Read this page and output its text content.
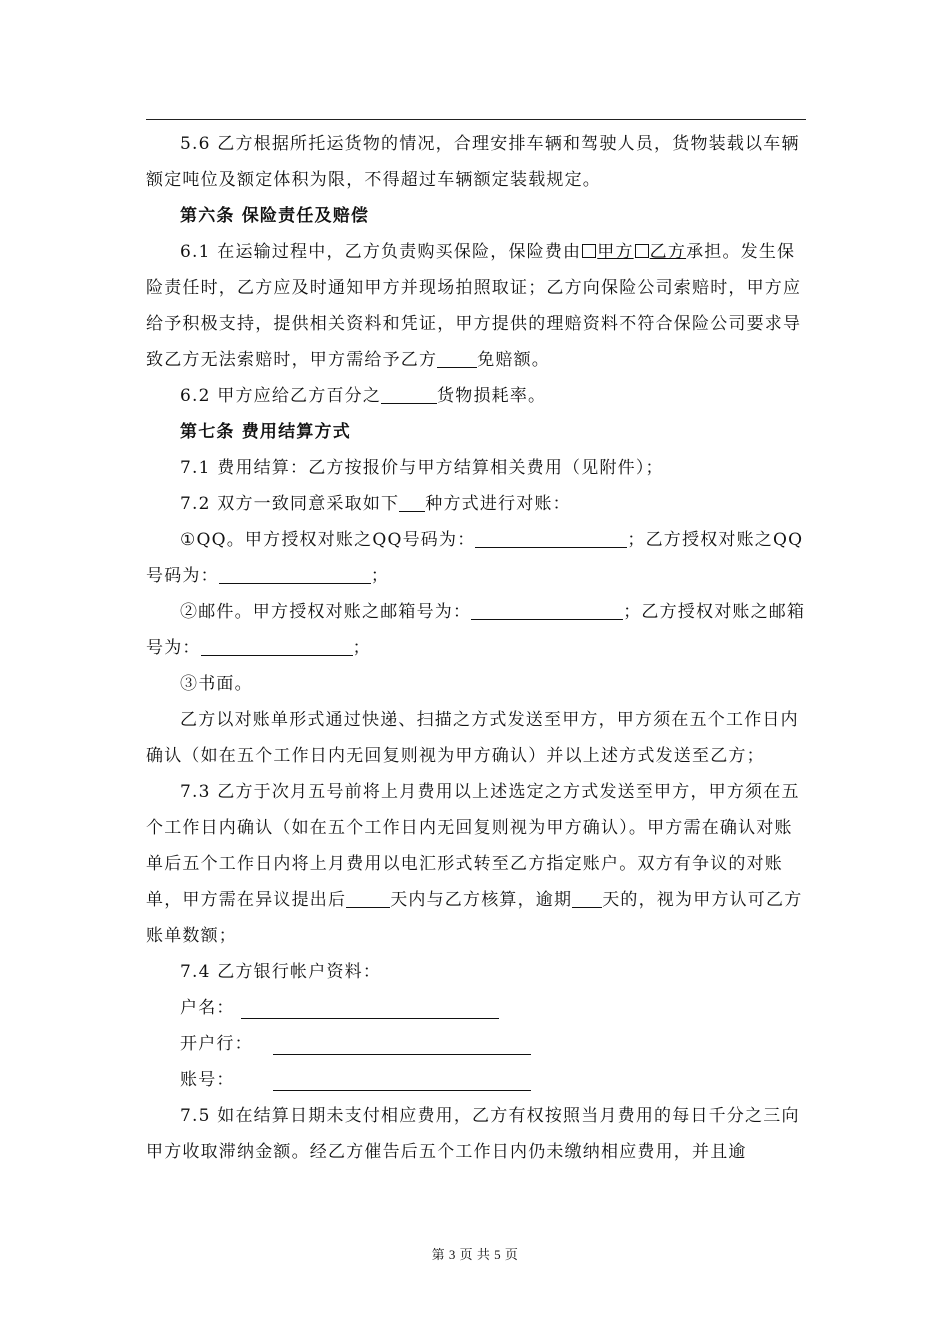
5.6 乙方根据所托运货物的情况，合理安排车辆和驾驶人员，货物装载以车辆额定吨位及额定体积为限，不得超过车辆额定装载规定。

第六条 保险责任及赔偿

6.1 在运输过程中，乙方负责购买保险，保险费由 甲方 乙方承担。发生保险责任时，乙方应及时通知甲方并现场拍照取证；乙方向保险公司索赔时，甲方应给予积极支持，提供相关资料和凭证，甲方提供的理赔资料不符合保险公司要求导致乙方无法索赔时，甲方需给予乙方 免赔额。

6.2 甲方应给乙方百分之	货物损耗率。

第七条 费用结算方式

7.1 费用结算：乙方按报价与甲方结算相关费用（见附件）；

7.2 双方一致同意采取如下 种方式进行对账：

①QQ。甲方授权对账之QQ号码为：	；乙方授权对账之QQ号码为：	；

②邮件。甲方授权对账之邮箱号为：	；乙方授权对账之邮箱号为：	；

③书面。

乙方以对账单形式通过快递、扫描之方式发送至甲方，甲方须在五个工作日内确认（如在五个工作日内无回复则视为甲方确认）并以上述方式发送至乙方；

7.3 乙方于次月五号前将上月费用以上述选定之方式发送至甲方，甲方须在五个工作日内确认（如在五个工作日内无回复则视为甲方确认）。甲方需在确认对账单后五个工作日内将上月费用以电汇形式转至乙方指定账户。双方有争议的对账单，甲方需在异议提出后	天内与乙方核算，逾期 天的，视为甲方认可乙方账单数额；

7.4 乙方银行帐户资料：

户名：

开户行：

账号：

7.5 如在结算日期未支付相应费用，乙方有权按照当月费用的每日千分之三向甲方收取滞纳金额。经乙方催告后五个工作日内仍未缴纳相应费用，并且逾

第 3 页 共 5 页
